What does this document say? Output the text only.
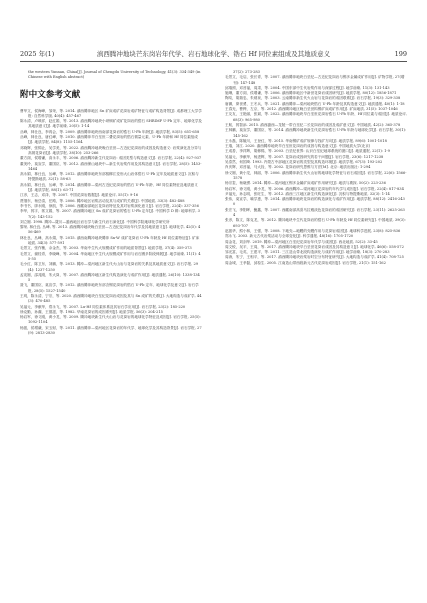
2025 年(1)	滇西腾冲地块芒东岗岩年代学、岩石地球化学、锆石 Hf 同位素组成及其地质意义	199

the western Yunnan, China[J]. Journal of Chengdu University of Technology, 41(3): 334-349 (in Chinese with English abstract)

附中文参考文献

曹华文，侯海峰，邹荣，等. 2014. 滇西腾冲地区 Sn 矿床成矿花岗岩成矿特征与成矿构造背景[J]. 成都理工大学学报: 自然科学版, 40(4): 457-467

陈永清，卢映祥，赵红娟，等. 2013. 滇西腾冲地块小坝铜矿成矿花岗岩的锆石 SHRIMP U-Pb 定年、地球化学及其地质意义[J]. 地学前缘, 20(5): 1-14

丛峰，林仕良，李再会，等. 2009. 滇西腾冲地块西南部花岗岩的锆石 U-Pb 年龄[J]. 地质学报, 83(5): 651-658

丛峰，林仕良，唐红峰，等. 2010. 滇西腾冲早白垩世二叠花岗岩的锆石微量元素、U-Pb 年龄和 Hf 同位素组成[J]. 地质学报, 84(8): 1155-1164

邓晓辉，张锦让，吴学美，等. 2022. 滇西腾冲地块晚白垩世—古近纪花岗岩的成因及构造意义: 岩浆演化及分异与高钠花岗岩[J]. 地质学报, 38(10): 253-266

董方浏，侯增谦，高永丰，等. 2006. 滇西腾冲新生代花岗岩: 成因类型与构造意义[J]. 岩石学报, 22(4): 927-937

董美玲，莫宣学，董国臣，等. 2012. 滇西保山地块中—新生代岩浆作用及其构造意义[J]. 岩石学报, 28(5): 1453-1464

高永娟，林仕良，丛峰，等. 2012. 滇西腾冲地块东部槟榔江变形大山岩体锆石 U-Pb 定年及地质意义[J]. 沉积与特提斯地质, 32(1): 58-63

高永娟，林仕良，丛峰，等. 2014. 滇西腾冲—梁河古近纪花岗岩的锆石 U-Pb 年龄、Hf 同位素特征及地质意义[J]. 地质学报, 88(1): 63-71

江彦，王志，邓泽，等. 2007. 中国花岗岩数据[J]. 地质论评, 55(1): 9-16

贾继东，杨岳清，任路，等. 2006. 腾冲地区岩浆活动及其与成矿的关系[J]. 中国地质, 33(3): 482-488

李书书，廖永刚，徐凯，等. 2006. 西藏南部地区花岗岩特征及其对岩浆演化意义[J]. 岩石学报, 22(4): 337-356

李华，郭宇，郭文娟，等. 2007. 滇西腾冲地区 Sn 成矿花岗岩的锆石 U-Pb 定年[J]. 中国科学 D 辑: 地球科学, 37(2): 143-152

刘立刚. 1998. 腾冲—陇川—潞西地区岩石学与新生代岩石演化[J]. 中国科学院地球化学研究所

黎荣, 林仕良, 丛峰, 等. 2013. 滇西腾冲地块晚白垩世—古近纪花岗岩年代学及其地质意义[J]. 地球化学, 42(5): 456-469

林仕良，丛峰，高永娟，等. 2015. 滇西南腾冲地块腾冲 Sn-W 成矿花岗岩 U-Pb 年龄及 Hf 同位素特征[J]. 矿床地质, 34(3): 577-591

毛景文，张作衡，余金杰，等. 2003. 华南中生代大规模成矿作用的地质背景[J]. 地质学报, 37(4): 359-373

毛景文，谢桂青，李晓峰，等. 2004. 华南地区中生代大规模成矿作用与岩石圈多阶段伸展[J]. 地学前缘, 11(1): 45-55

毛小红，陈卫东，刘鹏，等. 2013. 腾冲—梁河地区新生代火山岩与花岗岩的关系及其地质意义[J]. 岩石学报, 29(4): 1237-1250

孟宪刚，邵兆刚，朱大岗，等. 2007. 滇西腾冲地区新生代构造演化与成矿作用[J]. 地质通报, 26(10): 1338-1345

聂飞，董国臣，莫宣学，等. 2012. 滇西腾冲地块东部含锡花岗岩的锆石 U-Pb 定年、地球化学及意义[J]. 岩石学报, 28(5): 1527-1540

王玥，陈永清，宁宗，等. 2020. 滇西腾冲地块白垩纪花岗岩成因及其与 Sn 成矿的关系[J]. 大地构造与成矿学, 44(3): 470-485

吴福元，李献华，郑永飞，等. 2007. Lu-Hf 同位素体系及其岩石学应用[J]. 岩石学报, 23(2): 185-220

徐克勤，孙鼐，王德滋，等. 1982. 华南花岗岩的成因系列[J]. 地质学报, 56(3): 204-215

杨启军，徐义刚，黄小龙，等. 2009. 腾冲地块新生代火山岩与花岗岩的地球化学特征及成因[J]. 岩石学报, 25(5): 1092-1104

杨振，侯增谦，宋玉财，等. 2011. 滇西腾冲—梁河地区花岗岩的年代学、地球化学及其构造背景[J]. 岩石学报, 27(9): 2813-2830

37(2): 273-283

毛景文，毛启，张长青，等. 2007. 滇西腾冲地块白垩纪—古近纪花岗岩与锡多金属成矿作用[J]. 矿物学报, 27(增刊): 147-148

邱瑞照，邓晋福，周肃，等. 2004. 中国东部中生代岩浆作用与深部过程[J]. 地学前缘, 11(3): 131-143

施琳，董方浏，侯增谦，等. 2006. 滇西腾冲地区中新世花岗岩成因研究[J]. 地质学报, 80(12): 1856-1871

陶琰，胡瑞忠，朱炳泉，等. 2003. 云南腾冲新生代火山岩与花岗岩的成因联系[J]. 岩石学报, 19(3): 329-338

唐渊，廖世勇，王冬兵，等. 2021. 滇西腾冲—梁河地块锆石 U-Pb 年龄及其构造意义[J]. 地质通报, 40(1): 1-18

王春光，曹桦，左京，等. 2012. 滇西腾冲地区晚白垩世钨锡矿床成矿作用[J]. 矿床地质, 31(5): 1037-1046

王友友，王艳丽，张斌，等. 2022. 滇西腾冲地块早白垩世花岗岩锆石 U-Pb 年龄、Hf 同位素与成因[J]. 地质论评, 68(3): 965-980

王舫，郭智添. 2015. 滇西潞西—龙陵一带白垩纪二长花岗岩的成因及成矿意义[J]. 中国地质, 42(2): 365-378

王林鹏，莫宣学，董国臣，等. 2014. 滇西腾冲地块新生代花岗岩锆石 U-Pb 年龄与地球化学[J]. 岩石学报, 30(1): 145-162

王永磊，陈毓川，王登红，等. 2015. 华南锡矿成矿规律与找矿方向[J]. 地质学报, 89(6): 1001-1018

王瑞，刘江. 2020. 滇西腾冲地块早白垩世花岗岩的成因与构造意义[J]. 中国地质大学(北京)

王成善，李祥辉，胡修棉，等. 2003. 白垩纪世界: 认识白垩纪地球系统的窗口[J]. 地质通报, 22(1): 1-9

吴福元，李献华，杨进辉，等. 2007. 花岗岩成因研究的若干问题[J]. 岩石学报, 23(6): 1217-1238

吴泰然，何国琦. 1993. 内蒙古中部地区花岗岩的类型及其构造环境[J]. 地质学报, 67(3): 193-202

肖庆辉，邓晋福，马大铨，等. 2002. 花岗岩研究思维与方法[M]. 北京: 地质出版社: 1-294

徐义刚，黄小龙，林丽，等. 2006. 滇西腾冲新生代火山岩的地球化学特征与岩石成因[J]. 岩石学报, 22(6): 1566-1578

杨宗玺，杨晓勇. 2014. 腾冲—梁河地区锡多金属矿床成矿作用研究[J]. 地质与勘探, 50(2): 223-236

杨启军，徐义刚，黄小龙，等. 2006. 滇西腾冲—梁河地区花岗岩的年代学与成因[J]. 岩石学报, 22(4): 817-834

尹福光，孙志明，张旺生，等. 2012. 滇西三江地区新生代构造演化[J]. 沉积与特提斯地质, 32(3): 1-14

张伟，莫宣学，喻学惠，等. 2014. 滇西腾冲地块花岗岩的构造演化与成矿作用[J]. 地质学报, 88(12): 2416-2430

张宏飞，李阳晖，鲍鑫，等. 2007. 西藏南部高喜马拉雅淡色花岗岩的成因研究[J]. 岩石学报, 23(11): 2625-2634

张彦，陈文，陈克龙，等. 2012. 腾冲地块中生代花岗岩的锆石 U-Pb 年龄及 Hf 同位素研究[J]. 中国地质, 39(3): 693-707

赵振华，熊小林，王强，等. 2008. 下地壳—地幔的壳幔作用与花岗岩成因[J]. 地球科学进展, 23(8): 825-836

郑永飞. 2003. 新元古代岩浆活动与全球变化[J]. 科学通报, 48(16): 1705-1720

周金花，刘剑华. 2019. 腾冲—梁河地区白垩纪花岗岩年代学与成因[J]. 西北地质, 52(2): 33-45

周文蛟，吴平，王周，等. 2017. 滇西腾冲地块早白垩世花岗岩成因及其构造意义[J]. 地球化学, 46(6): 558-572

邹光富，毛英，王建平，等. 2011. 三江造山带北段构造演化与成矿作用[J]. 地学前缘, 18(3): 270-283

周涛，朱宁，王相平，等. 2017. 滇西腾冲地块岩浆岩时空分布特征研究[J]. 大地构造与成矿学, 41(4): 708-725

周金城，王孝磊，邱检生. 2005. 江南造山带西段新元古代花岗岩成因[J]. 岩石学报, 21(1): 151-162
